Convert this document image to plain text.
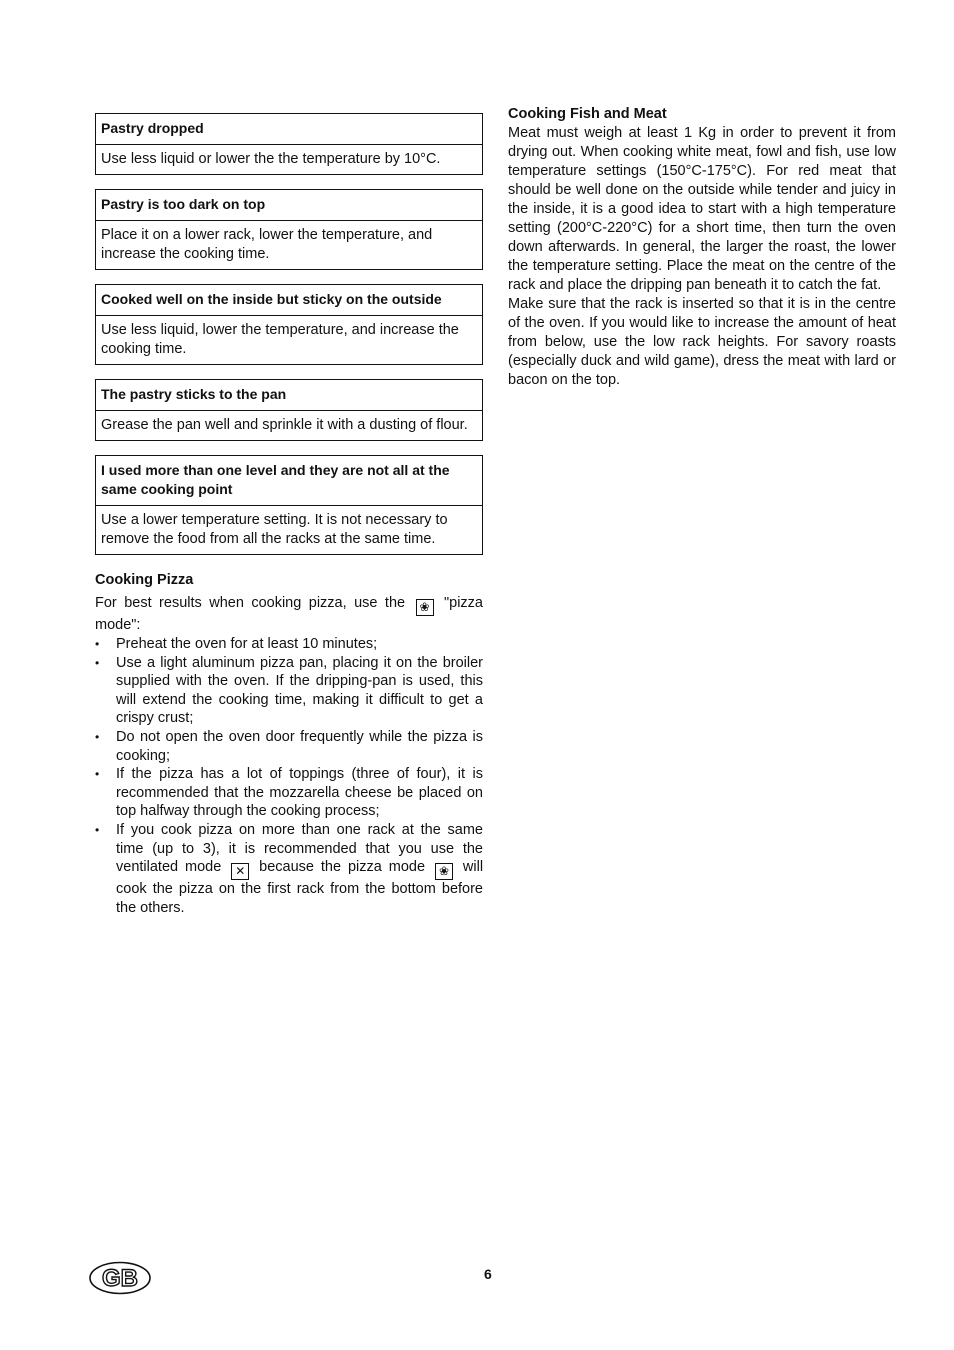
Pastry dropped
Use less liquid or lower the the temperature by 10°C.
Pastry is too dark on top
Place it on a lower rack, lower the temperature, and increase the cooking time.
Cooked well on the inside but sticky on the outside
Use less liquid, lower the temperature, and increase the cooking time.
The pastry sticks to the pan
Grease the pan well and sprinkle it with a dusting of flour.
I used more than one level and they are not all at the same cooking point
Use a lower temperature setting. It is not necessary to remove the food from all the racks at the same time.
Cooking Pizza

For best results when cooking pizza, use the ❀ "pizza mode":

• Preheat the oven for at least 10 minutes;
• Use a light aluminum pizza pan, placing it on the broiler supplied with the oven. If the dripping-pan is used, this will extend the cooking time, making it difficult to get a crispy crust;
• Do not open the oven door frequently while the pizza is cooking;
• If the pizza has a lot of toppings (three of four), it is recommended that the mozzarella cheese be placed on top halfway through the cooking process;
• If you cook pizza on more than one rack at the same time (up to 3), it is recommended that you use the ventilated mode ✕ because the pizza mode ❀ will cook the pizza on the first rack from the bottom before the others.
Cooking Fish and Meat

Meat must weigh at least 1 Kg in order to prevent it from drying out. When cooking white meat, fowl and fish, use low temperature settings (150°C-175°C). For red meat that should be well done on the outside while tender and juicy in the inside, it is a good idea to start with a high temperature setting (200°C-220°C) for a short time, then turn the oven down afterwards. In general, the larger the roast, the lower the temperature setting. Place the meat on the centre of the rack and place the dripping pan beneath it to catch the fat.

Make sure that the rack is inserted so that it is in the centre of the oven. If you would like to increase the amount of heat from below, use the low rack heights. For savory roasts (especially duck and wild game), dress the meat with lard or bacon on the top.

GB	6
